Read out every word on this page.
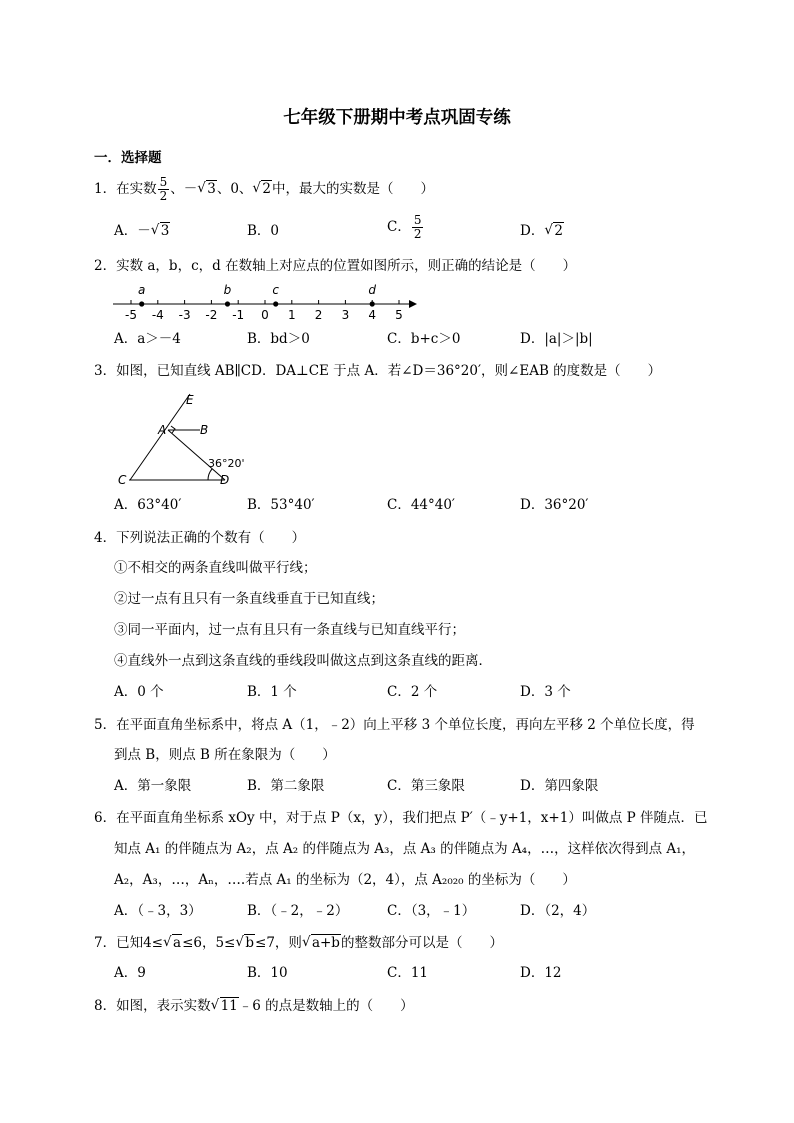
七年级下册期中考点巩固专练
一．选择题
1．在实数 $\frac{5}{2}$ 、－ √ 3、0、 √ 2中，最大的实数是（　　）
A．－ √ 3	B．0	C． $\frac{5}{2}$	D． √ 2
2．实数 a，b，c，d 在数轴上对应点的位置如图所示，则正确的结论是（　　）
-5 -4 -3 -2 -1 0 1 2 3 4 5
a	b	c	d
A．a＞－4	B．bd＞0	C．b+c＞0	D．|a|＞|b|
3．如图，已知直线 AB∥CD．DA⊥CE 于点 A．若∠D＝36°20′，则∠EAB 的度数是（　　）
E
A	B
C	D
36°20'
A．63°40′	B．53°40′	C．44°40′	D．36°20′
4．下列说法正确的个数有（　　）
①不相交的两条直线叫做平行线；
②过一点有且只有一条直线垂直于已知直线；
③同一平面内，过一点有且只有一条直线与已知直线平行；
④直线外一点到这条直线的垂线段叫做这点到这条直线的距离．
A．0 个	B．1 个	C．2 个	D．3 个
5．在平面直角坐标系中，将点 A（1，﹣2）向上平移 3 个单位长度，再向左平移 2 个单位长度，得
到点 B，则点 B 所在象限为（　　）
A．第一象限	B．第二象限	C．第三象限	D．第四象限
6．在平面直角坐标系 xOy 中，对于点 P（x，y），我们把点 P′（﹣y+1，x+1）叫做点 P 伴随点．已
知点 A₁ 的伴随点为 A₂，点 A₂ 的伴随点为 A₃，点 A₃ 的伴随点为 A₄，…，这样依次得到点 A₁，
A₂，A₃，…，Aₙ，….若点 A₁ 的坐标为（2，4），点 A₂₀₂₀ 的坐标为（　　）
A．（﹣3，3）	B．（﹣2，﹣2）	C．（3，﹣1）	D．（2，4）
7．已知4≤ √ a≤6，5≤ √ b≤7，则 √ a+b的整数部分可以是（　　）
A．9	B．10	C．11	D．12
8．如图，表示实数 √ 11﹣6 的点是数轴上的（　　）
